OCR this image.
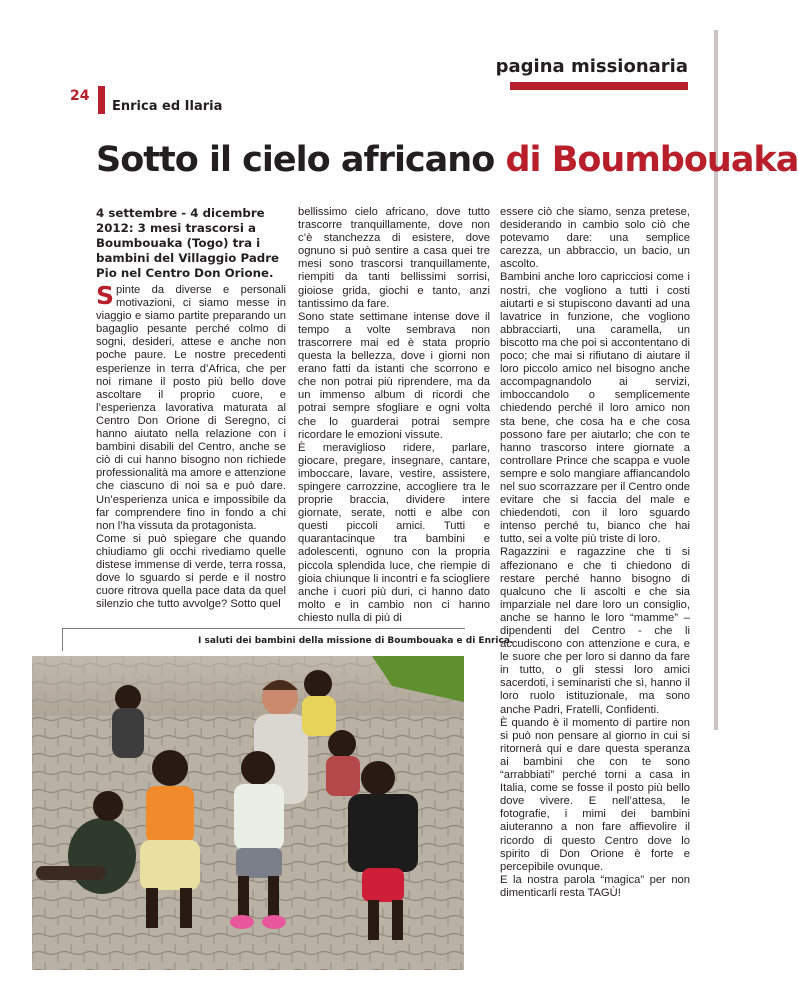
pagina missionaria
24
Enrica ed Ilaria
Sotto il cielo africano di Boumbouaka
4 settembre - 4 dicembre 2012: 3 mesi trascorsi a Boumbouaka (Togo) tra i bambini del Villaggio Padre Pio nel Centro Don Orione.

Spinte da diverse e personali motivazioni, ci siamo messe in viaggio e siamo partite preparando un bagaglio pesante perché colmo di sogni, desideri, attese e anche non poche paure. Le nostre precedenti esperienze in terra d’Africa, che per noi rimane il posto più bello dove ascoltare il proprio cuore, e l’esperienza lavorativa maturata al Centro Don Orione di Seregno, ci hanno aiutato nella relazione con i bambini disabili del Centro, anche se ciò di cui hanno bisogno non richiede professionalità ma amore e attenzione che ciascuno di noi sa e può dare. Un’esperienza unica e impossibile da far comprendere fino in fondo a chi non l’ha vissuta da protagonista.

Come si può spiegare che quando chiudiamo gli occhi rivediamo quelle distese immense di verde, terra rossa, dove lo sguardo si perde e il nostro cuore ritrova quella pace data da quel silenzio che tutto avvolge? Sotto quel

bellissimo cielo africano, dove tutto trascorre tranquillamente, dove non c’è stanchezza di esistere, dove ognuno si può sentire a casa quei tre mesi sono trascorsi tranquillamente, riempiti da tanti bellissimi sorrisi, gioiose grida, giochi e tanto, anzi tantissimo da fare.

Sono state settimane intense dove il tempo a volte sembrava non trascorrere mai ed è stata proprio questa la bellezza, dove i giorni non erano fatti da istanti che scorrono e che non potrai più riprendere, ma da un immenso album di ricordi che potrai sempre sfogliare e ogni volta che lo guarderai potrai sempre ricordare le emozioni vissute.

È meraviglioso ridere, parlare, giocare, pregare, insegnare, cantare, imboccare, lavare, vestire, assistere, spingere carrozzine, accogliere tra le proprie braccia, dividere intere giornate, serate, notti e albe con questi piccoli amici. Tutti e quarantacinque tra bambini e adolescenti, ognuno con la propria piccola splendida luce, che riempie di gioia chiunque li incontri e fa sciogliere anche i cuori più duri, ci hanno dato molto e in cambio non ci hanno chiesto nulla di più di

essere ciò che siamo, senza pretese, desiderando in cambio solo ciò che potevamo dare: una semplice carezza, un abbraccio, un bacio, un ascolto.

Bambini anche loro capricciosi come i nostri, che vogliono a tutti i costi aiutarti e si stupiscono davanti ad una lavatrice in funzione, che vogliono abbracciarti, una caramella, un biscotto ma che poi si accontentano di poco; che mai si rifiutano di aiutare il loro piccolo amico nel bisogno anche accompagnandolo ai servizi, imboccandolo o semplicemente chiedendo perché il loro amico non sta bene, che cosa ha e che cosa possono fare per aiutarlo; che con te hanno trascorso intere giornate a controllare Prince che scappa e vuole sempre e solo mangiare affiancandolo nel suo scorrazzare per il Centro onde evitare che si faccia del male e chiedendoti, con il loro sguardo intenso perché tu, bianco che hai tutto, sei a volte più triste di loro.

Ragazzini e ragazzine che ti si affezionano e che ti chiedono di restare perché hanno bisogno di qualcuno che li ascolti e che sia imparziale nel dare loro un consiglio, anche se hanno le loro “mamme” – dipendenti del Centro - che li accudiscono con attenzione e cura, e le suore che per loro si danno da fare in tutto, o gli stessi loro amici sacerdoti, i seminaristi che sì, hanno il loro ruolo istituzionale, ma sono anche Padri, Fratelli, Confidenti.

È quando è il momento di partire non si può non pensare al giorno in cui si ritornerà qui e dare questa speranza ai bambini che con te sono “arrabbiati” perché torni a casa in Italia, come se fosse il posto più bello dove vivere. E nell’attesa, le fotografie, i mimi dei bambini aiuteranno a non fare affievolire il ricordo di questo Centro dove lo spirito di Don Orione è forte e percepibile ovunque.

E la nostra parola “magica” per non dimenticarli resta TAGÙ!

I saluti dei bambini della missione di Boumbouaka e di Enrica.
